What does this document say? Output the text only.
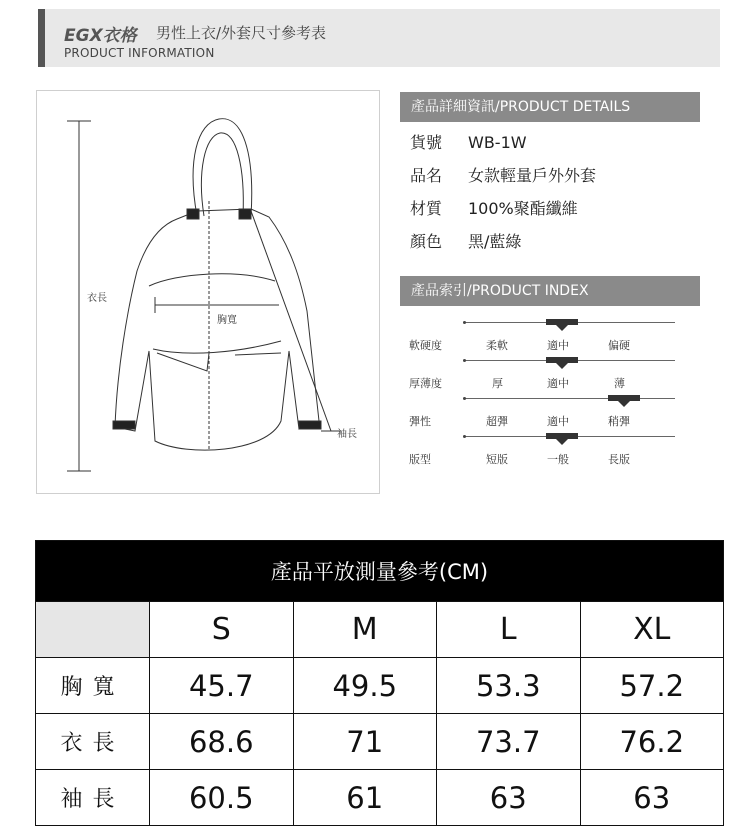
EGX衣格 男性上衣/外套尺寸參考表
PRODUCT INFORMATION
衣長
胸寬
袖長
產品詳細資訊/PRODUCT DETAILS
貨號 WB-1W
品名 女款輕量戶外外套
材質 100%聚酯纖維
顏色 黑/藍綠
產品索引/PRODUCT INDEX
軟硬度	柔軟	適中	偏硬
厚薄度	厚	適中	薄
彈性	超彈	適中	稍彈
版型	短版	一般	長版
產品平放測量參考(CM)				
	S	M	L	XL
胸寬	45.7	49.5	53.3	57.2
衣長	68.6	71	73.7	76.2
袖長	60.5	61	63	63
